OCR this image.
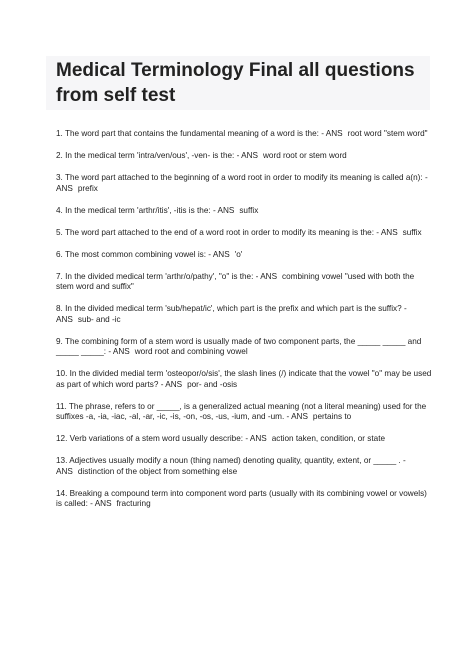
Medical Terminology Final all questions from self test

1. The word part that contains the fundamental meaning of a word is the: - ANS root word "stem word"

2. In the medical term 'intra/ven/ous', -ven- is the: - ANS word root or stem word

3. The word part attached to the beginning of a word root in order to modify its meaning is called a(n): - ANS prefix

4. In the medical term 'arthr/itis', -itis is the: - ANS suffix

5. The word part attached to the end of a word root in order to modify its meaning is the: - ANS suffix

6. The most common combining vowel is: - ANS 'o'

7. In the divided medical term 'arthr/o/pathy', "o" is the: - ANS combining vowel "used with both the stem word and suffix"

8. In the divided medical term 'sub/hepat/ic', which part is the prefix and which part is the suffix? - ANS sub- and -ic

9. The combining form of a stem word is usually made of two component parts, the _____ _____ and _____ _____: - ANS word root and combining vowel

10. In the divided medial term 'osteopor/o/sis', the slash lines (/) indicate that the vowel "o" may be used as part of which word parts? - ANS por- and -osis

11. The phrase, refers to or _____, is a generalized actual meaning (not a literal meaning) used for the suffixes -a, -ia, -iac, -al, -ar, -ic, -is, -on, -os, -us, -ium, and -um. - ANS pertains to

12. Verb variations of a stem word usually describe: - ANS action taken, condition, or state

13. Adjectives usually modify a noun (thing named) denoting quality, quantity, extent, or _____ . - ANS distinction of the object from something else

14. Breaking a compound term into component word parts (usually with its combining vowel or vowels) is called: - ANS fracturing
